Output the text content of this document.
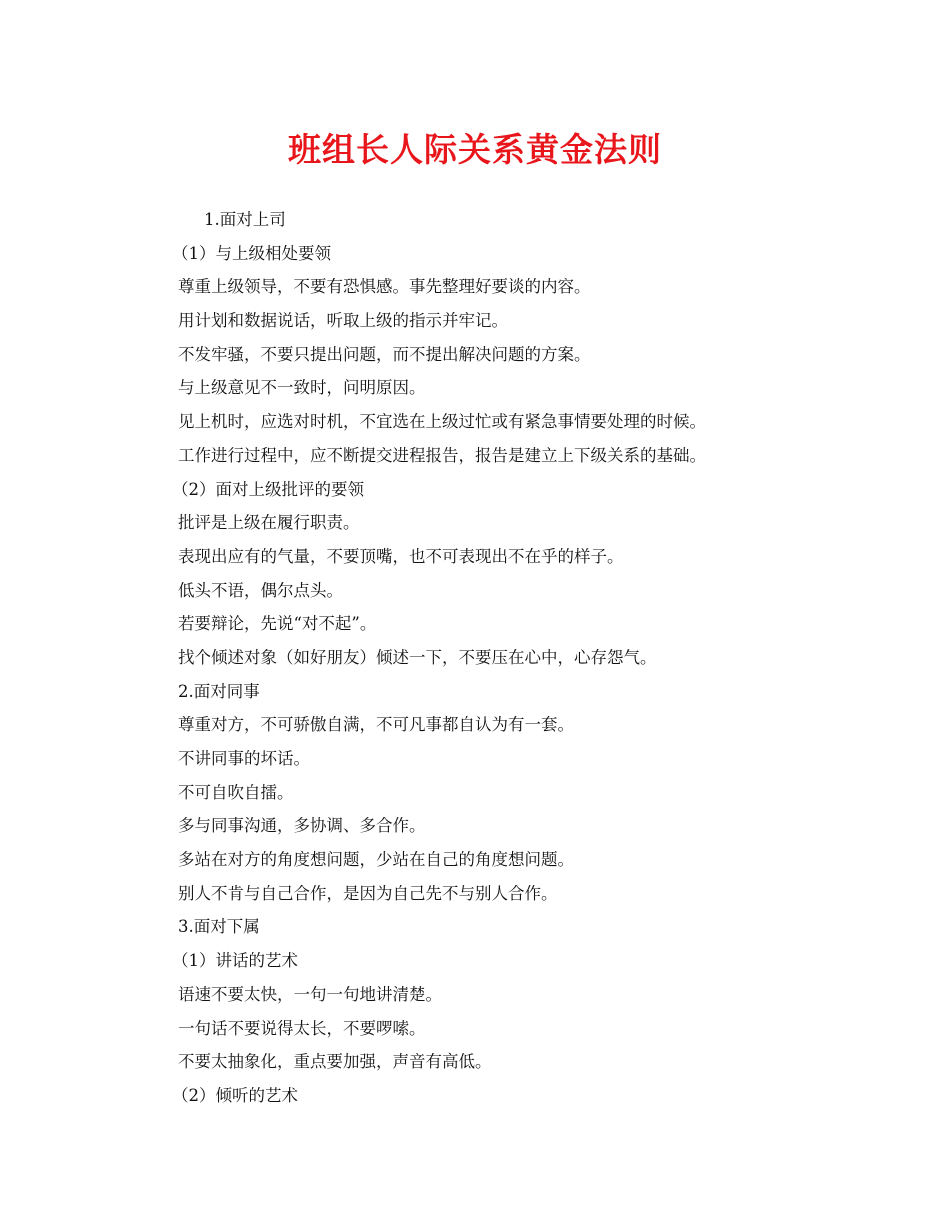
班组长人际关系黄金法则
1.面对上司
（1）与上级相处要领
尊重上级领导，不要有恐惧感。事先整理好要谈的内容。
用计划和数据说话，听取上级的指示并牢记。
不发牢骚，不要只提出问题，而不提出解决问题的方案。
与上级意见不一致时，问明原因。
见上机时，应选对时机，不宜选在上级过忙或有紧急事情要处理的时候。
工作进行过程中，应不断提交进程报告，报告是建立上下级关系的基础。
（2）面对上级批评的要领
批评是上级在履行职责。
表现出应有的气量，不要顶嘴，也不可表现出不在乎的样子。
低头不语，偶尔点头。
若要辩论，先说“对不起”。
找个倾述对象（如好朋友）倾述一下，不要压在心中，心存怨气。
2.面对同事
尊重对方，不可骄傲自满，不可凡事都自认为有一套。
不讲同事的坏话。
不可自吹自擂。
多与同事沟通，多协调、多合作。
多站在对方的角度想问题，少站在自己的角度想问题。
别人不肯与自己合作，是因为自己先不与别人合作。
3.面对下属
（1）讲话的艺术
语速不要太快，一句一句地讲清楚。
一句话不要说得太长，不要啰嗦。
不要太抽象化，重点要加强，声音有高低。
（2）倾听的艺术
